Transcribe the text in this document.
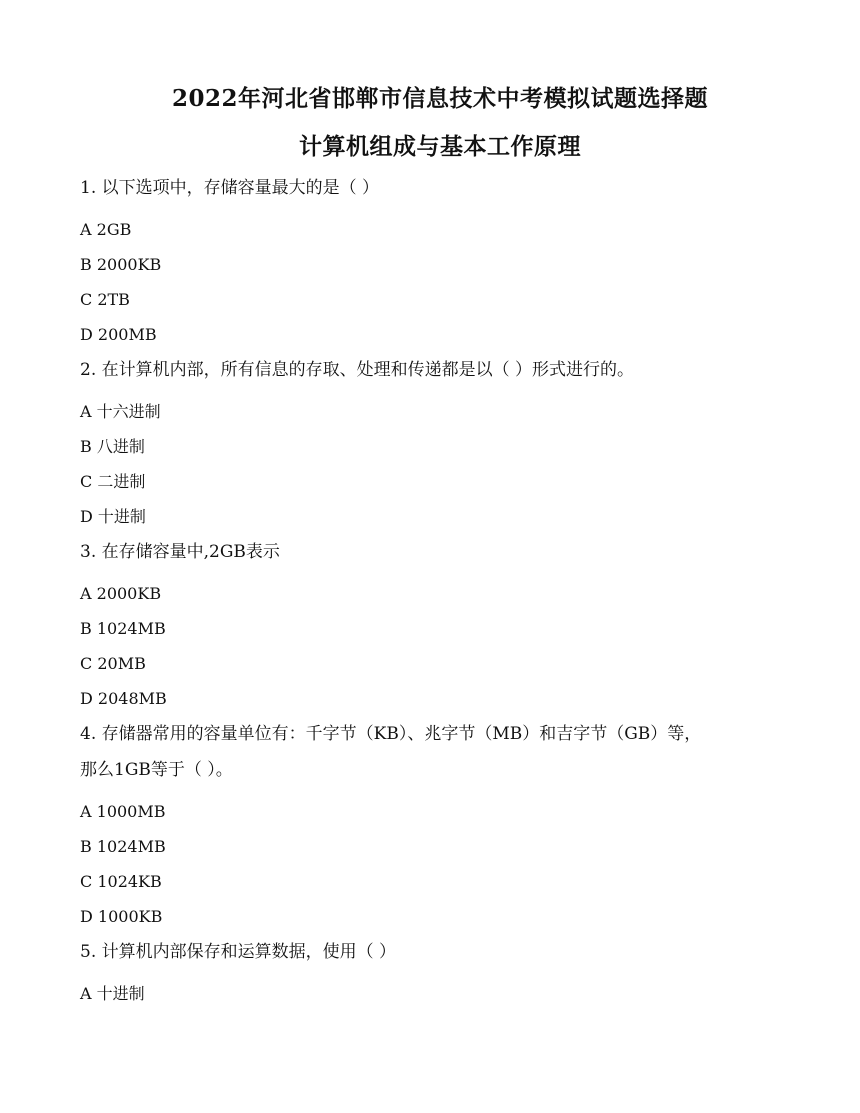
2022年河北省邯郸市信息技术中考模拟试题选择题
计算机组成与基本工作原理

1. 以下选项中，存储容量最大的是（ ）

A 2GB

B 2000KB

C 2TB

D 200MB

2. 在计算机内部，所有信息的存取、处理和传递都是以（ ）形式进行的。

A 十六进制

B 八进制

C 二进制

D 十进制

3. 在存储容量中,2GB表示

A 2000KB

B 1024MB

C 20MB

D 2048MB

4. 存储器常用的容量单位有：千字节（KB）、兆字节（MB）和吉字节（GB）等，

那么1GB等于（ ）。

A 1000MB

B 1024MB

C 1024KB

D 1000KB

5. 计算机内部保存和运算数据，使用（ ）

A 十进制
